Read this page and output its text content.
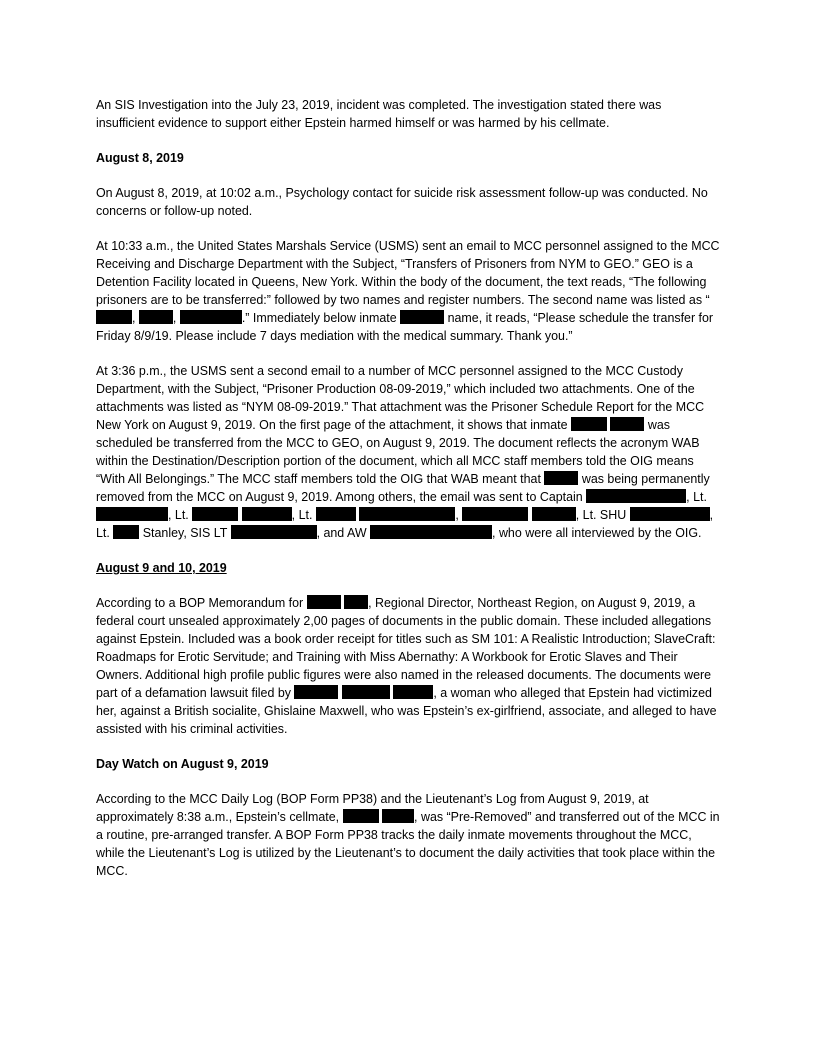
An SIS Investigation into the July 23, 2019, incident was completed. The investigation stated there was insufficient evidence to support either Epstein harmed himself or was harmed by his cellmate.

August 8, 2019

On August 8, 2019, at 10:02 a.m., Psychology contact for suicide risk assessment follow-up was conducted. No concerns or follow-up noted.

At 10:33 a.m., the United States Marshals Service (USMS) sent an email to MCC personnel assigned to the MCC Receiving and Discharge Department with the Subject, “Transfers of Prisoners from NYM to GEO.” GEO is a Detention Facility located in Queens, New York. Within the body of the document, the text reads, “The following prisoners are to be transferred:” followed by two names and register numbers. The second name was listed as “,	,	.” Immediately below inmate	name, it reads, “Please schedule the transfer for Friday 8/9/19. Please include 7 days mediation with the medical summary. Thank you.”

At 3:36 p.m., the USMS sent a second email to a number of MCC personnel assigned to the MCC Custody Department, with the Subject, “Prisoner Production 08-09-2019,” which included two attachments. One of the attachments was listed as “NYM 08-09-2019.” That attachment was the Prisoner Schedule Report for the MCC New York on August 9, 2019. On the first page of the attachment, it shows that inmate	was scheduled be transferred from the MCC to GEO, on August 9, 2019. The document reflects the acronym WAB within the Destination/Description portion of the document, which all MCC staff members told the OIG means “With All Belongings.” The MCC staff members told the OIG that WAB meant that	was being permanently removed from the MCC on August 9, 2019. Among others, the email was sent to Captain	, Lt. , Lt.	, Lt.	,	, Lt. SHU	, Lt.  Stanley, SIS LT	, and AW	, who were all interviewed by the OIG.

August 9 and 10, 2019

According to a BOP Memorandum for	, Regional Director, Northeast Region, on August 9, 2019, a federal court unsealed approximately 2,00 pages of documents in the public domain. These included allegations against Epstein. Included was a book order receipt for titles such as SM 101: A Realistic Introduction; SlaveCraft: Roadmaps for Erotic Servitude; and Training with Miss Abernathy: A Workbook for Erotic Slaves and Their Owners. Additional high profile public figures were also named in the released documents. The documents were part of a defamation lawsuit filed by	, a woman who alleged that Epstein had victimized her, against a British socialite, Ghislaine Maxwell, who was Epstein’s ex-girlfriend, associate, and alleged to have assisted with his criminal activities.

Day Watch on August 9, 2019

According to the MCC Daily Log (BOP Form PP38) and the Lieutenant’s Log from August 9, 2019, at approximately 8:38 a.m., Epstein’s cellmate,	, was “Pre-Removed” and transferred out of the MCC in a routine, pre-arranged transfer. A BOP Form PP38 tracks the daily inmate movements throughout the MCC, while the Lieutenant’s Log is utilized by the Lieutenant’s to document the daily activities that took place within the MCC.
